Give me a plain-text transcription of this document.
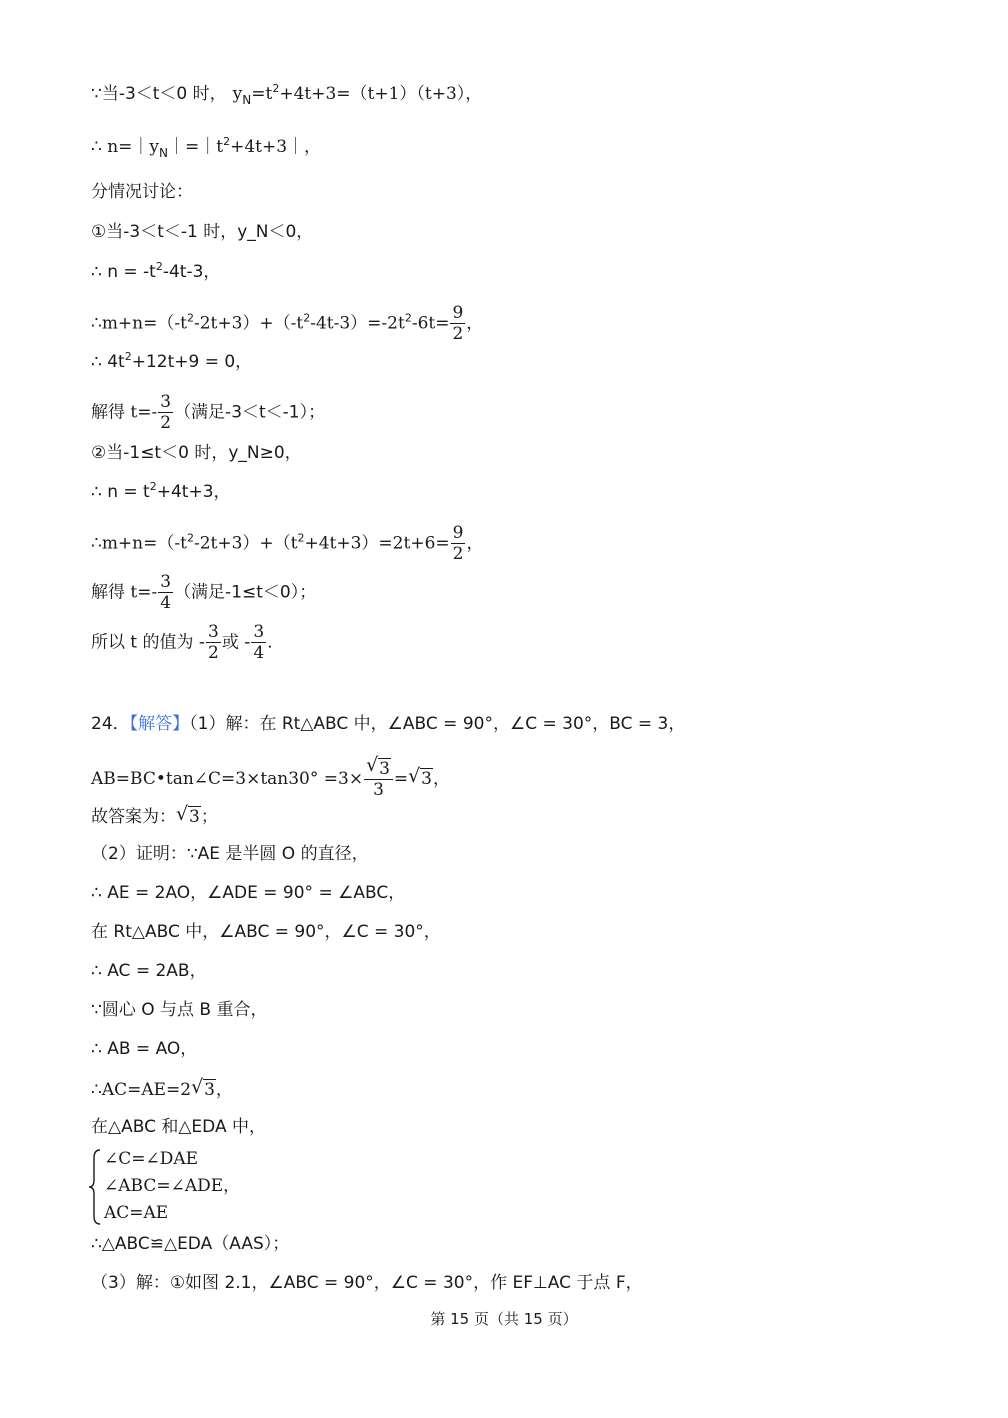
∵当-3＜t＜0 时， $y_N=t^2+4t+3=(t+1)(t+3)$，
∴ $n=|y_N|=|t^2+4t+3|$，
分情况讨论：
①当-3＜t＜-1 时，y_N＜0，
∴ $n = -t^2-4t-3$，
$\therefore m+n=(-t^2-2t+3)+(-t^2-4t-3)=-2t^2-6t= \frac{9}{2}$ ，
∴ $4t^2+12t+9 = 0$，
解得 $t=- \frac{3}{2}$ （满足-3＜t＜-1）；
②当-1≤t＜0 时，y_N≥0，
∴ $n = t^2+4t+3$，
$\therefore m+n=(-t^2-2t+3)+(t^2+4t+3)=2t+6= \frac{9}{2}$ ，
解得 $t=- \frac{3}{4}$ （满足-1≤t＜0）；
所以 t 的值为 - $\frac{3}{2}$ 或 - $\frac{3}{4}$ ．
24．【解答】（1）解：在 Rt△ABC 中，∠ABC = 90°，∠C = 30°，BC = 3，
AB=BC•tan∠C=3×tan30° $=3\times \frac{√ 3}{3}$ = √ 3，
故答案为： √ 3；
（2）证明：∵AE 是半圆 O 的直径，
∴ AE = 2AO，∠ADE = 90° = ∠ABC，
在 Rt△ABC 中，∠ABC = 90°，∠C = 30°，
∴ AC = 2AB，
∵圆心 O 与点 B 重合，
∴ AB = AO，
∴AC=AE=2 √ 3，
在△ABC 和△EDA 中，
∠C=∠DAE
∠ABC=∠ADE，
AC=AE
∴△ABC≌△EDA（AAS）；
（3）解：①如图 2.1，∠ABC = 90°，∠C = 30°，作 EF⊥AC 于点 F，
第 15 页（共 15 页）
